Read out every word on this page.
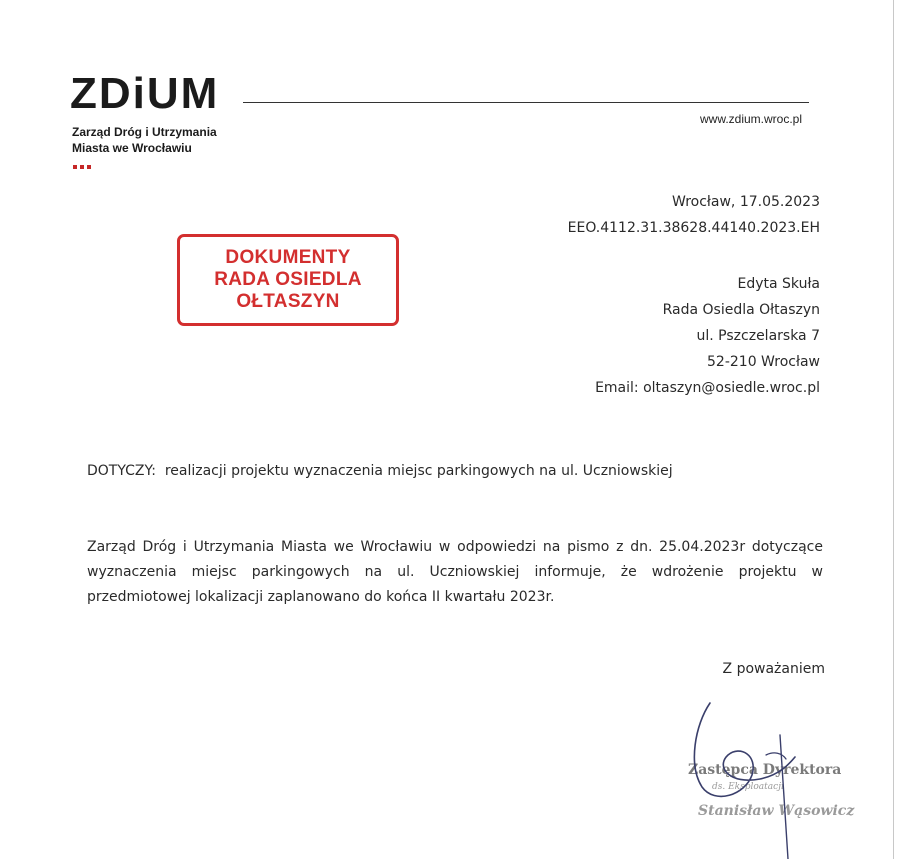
ZDiUM
Zarząd Dróg i Utrzymania
Miasta we Wrocławiu
www.zdium.wroc.pl
Wrocław, 17.05.2023
EEO.4112.31.38628.44140.2023.EH
DOKUMENTY
RADA OSIEDLA
OŁTASZYN
Edyta Skuła
Rada Osiedla Ołtaszyn
ul. Pszczelarska 7
52-210 Wrocław
Email: oltaszyn@osiedle.wroc.pl
DOTYCZY: realizacji projektu wyznaczenia miejsc parkingowych na ul. Uczniowskiej
Zarząd Dróg i Utrzymania Miasta we Wrocławiu w odpowiedzi na pismo z dn. 25.04.2023r dotyczące wyznaczenia miejsc parkingowych na ul. Uczniowskiej informuje, że wdrożenie projektu w przedmiotowej lokalizacji zaplanowano do końca II kwartału 2023r.
Z poważaniem
Zastępca Dyrektora
ds. Eksploatacji
Stanisław Wąsowicz
